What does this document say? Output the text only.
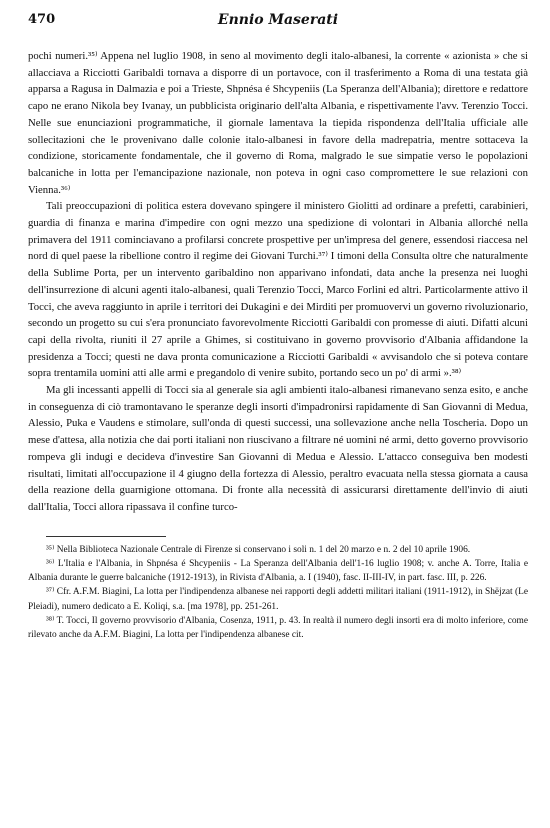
470	Ennio Maserati

pochi numeri.³⁵⁾ Appena nel luglio 1908, in seno al movimento degli italo-albanesi, la corrente « azionista » che si allacciava a Ricciotti Garibaldi tornava a disporre di un portavoce, con il trasferimento a Roma di una testata già apparsa a Ragusa in Dalmazia e poi a Trieste, Shpnésa é Shcypeniis (La Speranza dell'Albania); direttore e redattore capo ne erano Nikola bey Ivanay, un pubblicista originario dell'alta Albania, e rispettivamente l'avv. Terenzio Tocci. Nelle sue enunciazioni programmatiche, il giornale lamentava la tiepida rispondenza dell'Italia ufficiale alle sollecitazioni che le provenivano dalle colonie italo-albanesi in favore della madrepatria, mentre sottaceva la condizione, storicamente fondamentale, che il governo di Roma, malgrado le sue simpatie verso le popolazioni balcaniche in lotta per l'emancipazione nazionale, non poteva in ogni caso compromettere le sue relazioni con Vienna.³⁶⁾

Tali preoccupazioni di politica estera dovevano spingere il ministero Giolitti ad ordinare a prefetti, carabinieri, guardia di finanza e marina d'impedire con ogni mezzo una spedizione di volontari in Albania allorché nella primavera del 1911 cominciavano a profilarsi concrete prospettive per un'impresa del genere, essendosi riaccesa nel nord di quel paese la ribellione contro il regime dei Giovani Turchi.³⁷⁾ I timoni della Consulta oltre che naturalmente della Sublime Porta, per un intervento garibaldino non apparivano infondati, data anche la presenza nei luoghi dell'insurrezione di alcuni agenti italo-albanesi, quali Terenzio Tocci, Marco Forlini ed altri. Particolarmente attivo il Tocci, che aveva raggiunto in aprile i territori dei Dukagini e dei Mirditi per promuovervi un governo rivoluzionario, secondo un progetto su cui s'era pronunciato favorevolmente Ricciotti Garibaldi con promesse di aiuti. Difatti alcuni capi della rivolta, riuniti il 27 aprile a Ghimes, si costituivano in governo provvisorio d'Albania affidandone la presidenza a Tocci; questi ne dava pronta comunicazione a Ricciotti Garibaldi « avvisandolo che si poteva contare sopra trentamila uomini atti alle armi e pregandolo di venire subito, portando seco un po' di armi ».³⁸⁾

Ma gli incessanti appelli di Tocci sia al generale sia agli ambienti italo-albanesi rimanevano senza esito, e anche in conseguenza di ciò tramontavano le speranze degli insorti d'impadronirsi rapidamente di San Giovanni di Medua, Alessio, Puka e Vaudens e stimolare, sull'onda di questi successi, una sollevazione anche nella Toscheria. Dopo un mese d'attesa, alla notizia che dai porti italiani non riuscivano a filtrare né uomini né armi, detto governo provvisorio rompeva gli indugi e decideva d'investire San Giovanni di Medua e Alessio. L'attacco conseguiva ben modesti risultati, limitati all'occupazione il 4 giugno della fortezza di Alessio, peraltro evacuata nella stessa giornata a causa della reazione della guarnigione ottomana. Di fronte alla necessità di assicurarsi direttamente dell'invio di aiuti dall'Italia, Tocci allora ripassava il confine turco-

³⁵⁾ Nella Biblioteca Nazionale Centrale di Firenze si conservano i soli n. 1 del 20 marzo e n. 2 del 10 aprile 1906.

³⁶⁾ L'Italia e l'Albania, in Shpnésa é Shcypeniis - La Speranza dell'Albania dell'1-16 luglio 1908; v. anche A. Torre, Italia e Albania durante le guerre balcaniche (1912-1913), in Rivista d'Albania, a. I (1940), fasc. II-III-IV, in part. fasc. III, p. 226.

³⁷⁾ Cfr. A.F.M. Biagini, La lotta per l'indipendenza albanese nei rapporti degli addetti militari italiani (1911-1912), in Shëjzat (Le Pleiadi), numero dedicato a E. Koliqi, s.a. [ma 1978], pp. 251-261.

³⁸⁾ T. Tocci, Il governo provvisorio d'Albania, Cosenza, 1911, p. 43. In realtà il numero degli insorti era di molto inferiore, come rilevato anche da A.F.M. Biagini, La lotta per l'indipendenza albanese cit.
